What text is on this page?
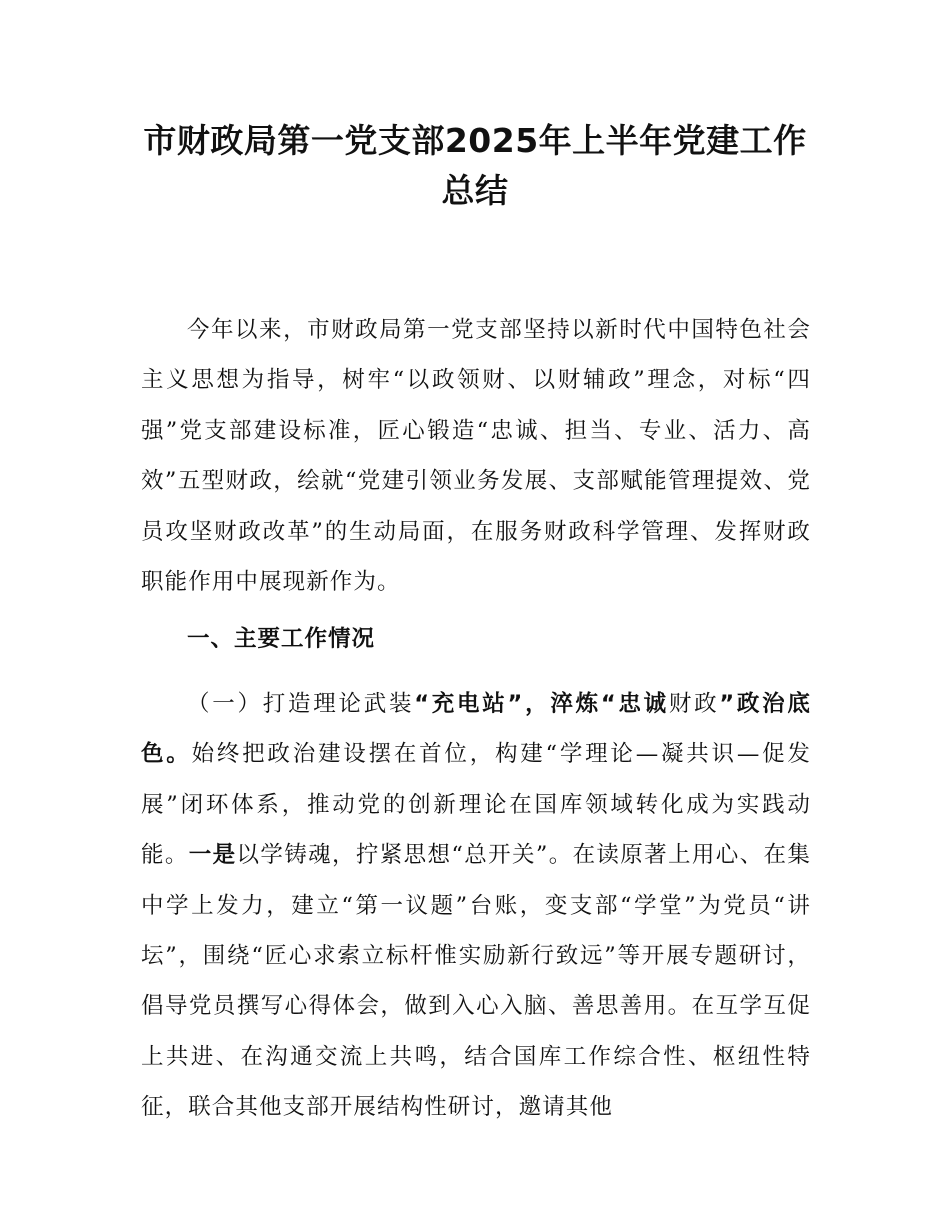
市财政局第一党支部2025年上半年党建工作
总结

今年以来，市财政局第一党支部坚持以新时代中国特色社会主义思想为指导，树牢“以政领财、以财辅政”理念，对标“四强”党支部建设标准，匠心锻造“忠诚、担当、专业、活力、高效”五型财政，绘就“党建引领业务发展、支部赋能管理提效、党员攻坚财政改革”的生动局面，在服务财政科学管理、发挥财政职能作用中展现新作为。

一、主要工作情况

（一）打造理论武装“充电站”，淬炼“忠诚财政”政治底色。始终把政治建设摆在首位，构建“学理论—凝共识—促发展”闭环体系，推动党的创新理论在国库领域转化成为实践动能。一是以学铸魂，拧紧思想“总开关”。在读原著上用心、在集中学上发力，建立“第一议题”台账，变支部“学堂”为党员“讲坛”，围绕“匠心求索立标杆惟实励新行致远”等开展专题研讨，倡导党员撰写心得体会，做到入心入脑、善思善用。在互学互促上共进、在沟通交流上共鸣，结合国库工作综合性、枢纽性特征，联合其他支部开展结构性研讨，邀请其他
